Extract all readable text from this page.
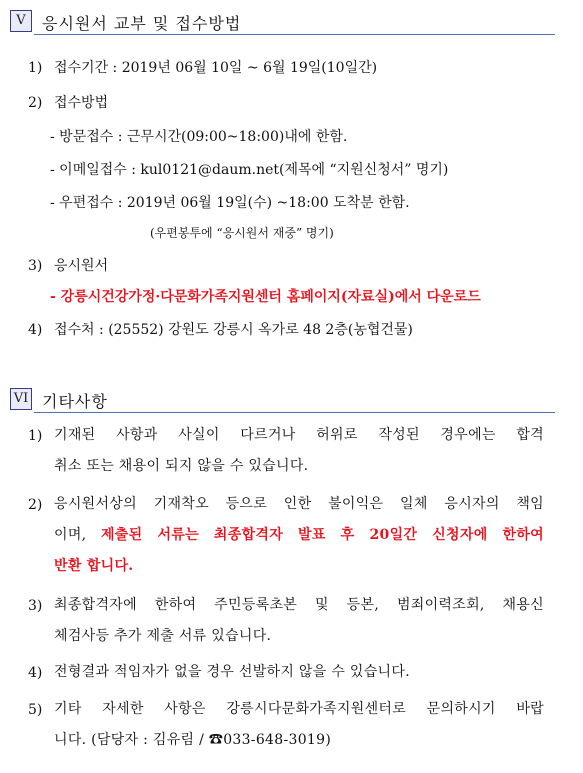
V	응시원서 교부 및 접수방법
1) 접수기간 : 2019년 06월 10일 ~ 6월 19일(10일간)
2) 접수방법
- 방문접수 : 근무시간(09:00~18:00)내에 한함.
- 이메일접수 : kul0121@daum.net(제목에 “지원신청서” 명기)
- 우편접수 : 2019년 06월 19일(수) ~18:00 도착분 한함.
(우편봉투에 “응시원서 재중” 명기)
3) 응시원서
- 강릉시건강가정·다문화가족지원센터 홈페이지(자료실)에서 다운로드
4) 접수처 : (25552) 강원도 강릉시 옥가로 48 2층(농협건물)
VI 기타사항
1) 기재된 사항과 사실이 다르거나 허위로 작성된 경우에는 합격
취소 또는 채용이 되지 않을 수 있습니다.
2) 응시원서상의 기재착오 등으로 인한 불이익은 일체 응시자의 책임
이며, 제출된 서류는 최종합격자 발표 후 20일간 신청자에 한하여
반환 합니다.
3) 최종합격자에 한하여 주민등록초본 및 등본, 범죄이력조회, 채용신
체검사등 추가 제출 서류 있습니다.
4) 전형결과 적임자가 없을 경우 선발하지 않을 수 있습니다.
5) 기타 자세한 사항은 강릉시다문화가족지원센터로 문의하시기 바랍
니다. (담당자 : 김유림 / ☎033-648-3019)
